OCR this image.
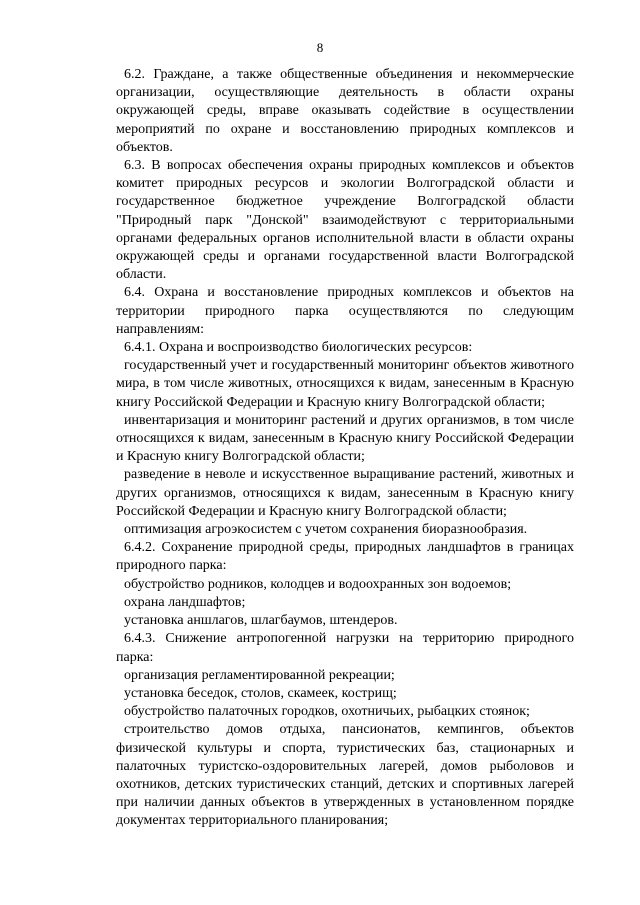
8

6.2. Граждане, а также общественные объединения и некоммерческие организации, осуществляющие деятельность в области охраны окружающей среды, вправе оказывать содействие в осуществлении мероприятий по охране и восстановлению природных комплексов и объектов.

6.3. В вопросах обеспечения охраны природных комплексов и объектов комитет природных ресурсов и экологии Волгоградской области и государственное бюджетное учреждение Волгоградской области "Природный парк "Донской" взаимодействуют с территориальными органами федеральных органов исполнительной власти в области охраны окружающей среды и органами государственной власти Волгоградской области.

6.4. Охрана и восстановление природных комплексов и объектов на территории природного парка осуществляются по следующим направлениям:

6.4.1. Охрана и воспроизводство биологических ресурсов:

государственный учет и государственный мониторинг объектов животного мира, в том числе животных, относящихся к видам, занесенным в Красную книгу Российской Федерации и Красную книгу Волгоградской области;

инвентаризация и мониторинг растений и других организмов, в том числе относящихся к видам, занесенным в Красную книгу Российской Федерации и Красную книгу Волгоградской области;

разведение в неволе и искусственное выращивание растений, животных и других организмов, относящихся к видам, занесенным в Красную книгу Российской Федерации и Красную книгу Волгоградской области;

оптимизация агроэкосистем с учетом сохранения биоразнообразия.

6.4.2. Сохранение природной среды, природных ландшафтов в границах природного парка:

обустройство родников, колодцев и водоохранных зон водоемов;

охрана ландшафтов;

установка аншлагов, шлагбаумов, штендеров.

6.4.3. Снижение антропогенной нагрузки на территорию природного парка:

организация регламентированной рекреации;

установка беседок, столов, скамеек, кострищ;

обустройство палаточных городков, охотничьих, рыбацких стоянок;

строительство домов отдыха, пансионатов, кемпингов, объектов физической культуры и спорта, туристических баз, стационарных и палаточных туристско-оздоровительных лагерей, домов рыболовов и охотников, детских туристических станций, детских и спортивных лагерей при наличии данных объектов в утвержденных в установленном порядке документах территориального планирования;
